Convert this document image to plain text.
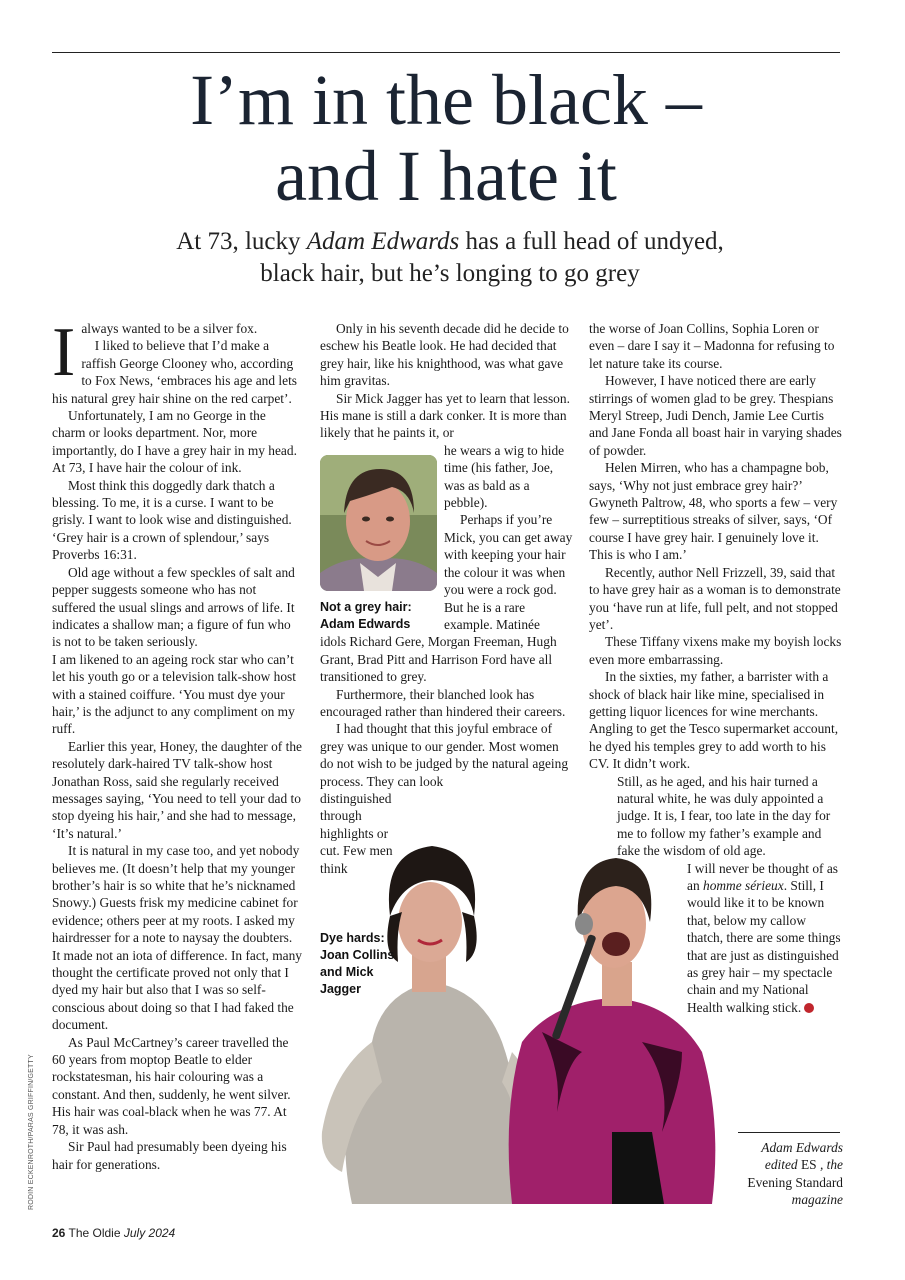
I’m in the black –
and I hate it

At 73, lucky Adam Edwards has a full head of undyed,
black hair, but he’s longing to go grey

Ialways wanted to be a silver fox.
 I liked to believe that I’d make a raffish George Clooney who, according to Fox News, ‘embraces his age and lets his natural grey hair shine on the red carpet’.

Unfortunately, I am no George in the charm or looks department. Nor, more importantly, do I have a grey hair in my head. At 73, I have hair the colour of ink.

Most think this doggedly dark thatch a blessing. To me, it is a curse. I want to be grisly. I want to look wise and distinguished. ‘Grey hair is a crown of splendour,’ says Proverbs 16:31.

Old age without a few speckles of salt and pepper suggests someone who has not suffered the usual slings and arrows of life. It indicates a shallow man; a figure of fun who is not to be taken seriously.

I am likened to an ageing rock star who can’t let his youth go or a television talk-show host with a stained coiffure. ‘You must dye your hair,’ is the adjunct to any compliment on my ruff.

Earlier this year, Honey, the daughter of the resolutely dark-haired TV talk-show host Jonathan Ross, said she regularly received messages saying, ‘You need to tell your dad to stop dyeing his hair,’ and she had to message, ‘It’s natural.’

It is natural in my case too, and yet nobody believes me. (It doesn’t help that my younger brother’s hair is so white that he’s nicknamed Snowy.) Guests frisk my medicine cabinet for evidence; others peer at my roots. I asked my hairdresser for a note to naysay the doubters. It made not an iota of difference. In fact, many thought the certificate proved not only that I dyed my hair but also that I was so self-conscious about doing so that I had faked the document.

As Paul McCartney’s career travelled the 60 years from moptop Beatle to elder rockstatesman, his hair colouring was a constant. And then, suddenly, he went silver. His hair was coal-black when he was 77. At 78, it was ash.

Sir Paul had presumably been dyeing his hair for generations.

RODIN ECKENROTH/PARAS GRIFFIN/GETTY

Only in his seventh decade did he decide to eschew his Beatle look. He had decided that grey hair, like his knighthood, was what gave him gravitas.

Sir Mick Jagger has yet to learn that lesson. His mane is still a dark conker. It is more than likely that he paints it, or

he wears a wig to hide time (his father, Joe, was as bald as a pebble).

Perhaps if you’re Mick, you can get away with keeping your hair the colour it was when you were a rock god. But he is a rare example. Matinée

idols Richard Gere, Morgan Freeman, Hugh Grant, Brad Pitt and Harrison Ford have all transitioned to grey.

Furthermore, their blanched look has encouraged rather than hindered their careers.

I had thought that this joyful embrace of grey was unique to our gender. Most women do not wish to be judged by the natural ageing process. They can look

distinguished through highlights or cut. Few men think

Not a grey hair: Adam Edwards
Dye hards: Joan Collins and Mick Jagger

the worse of Joan Collins, Sophia Loren or even – dare I say it – Madonna for refusing to let nature take its course.

However, I have noticed there are early stirrings of women glad to be grey. Thespians Meryl Streep, Judi Dench, Jamie Lee Curtis and Jane Fonda all boast hair in varying shades of powder.

Helen Mirren, who has a champagne bob, says, ‘Why not just embrace grey hair?’ Gwyneth Paltrow, 48, who sports a few – very few – surreptitious streaks of silver, says, ‘Of course I have grey hair. I genuinely love it. This is who I am.’

Recently, author Nell Frizzell, 39, said that to have grey hair as a woman is to demonstrate you ‘have run at life, full pelt, and not stopped yet’.

These Tiffany vixens make my boyish locks even more embarrassing.

In the sixties, my father, a barrister with a shock of black hair like mine, specialised in getting liquor licences for wine merchants. Angling to get the Tesco supermarket account, he dyed his temples grey to add worth to his CV. It didn’t work.

Still, as he aged, and his hair turned a natural white, he was duly appointed a judge. It is, I fear, too late in the day for me to follow my father’s example and fake the wisdom of old age.

I will never be thought of as an homme sérieux. Still, I would like it to be known that, below my callow thatch, there are some things that are just as distinguished as grey hair – my spectacle chain and my National Health walking stick.

Adam Edwards
edited ES , the
Evening Standard
magazine
26 The Oldie July 2024
